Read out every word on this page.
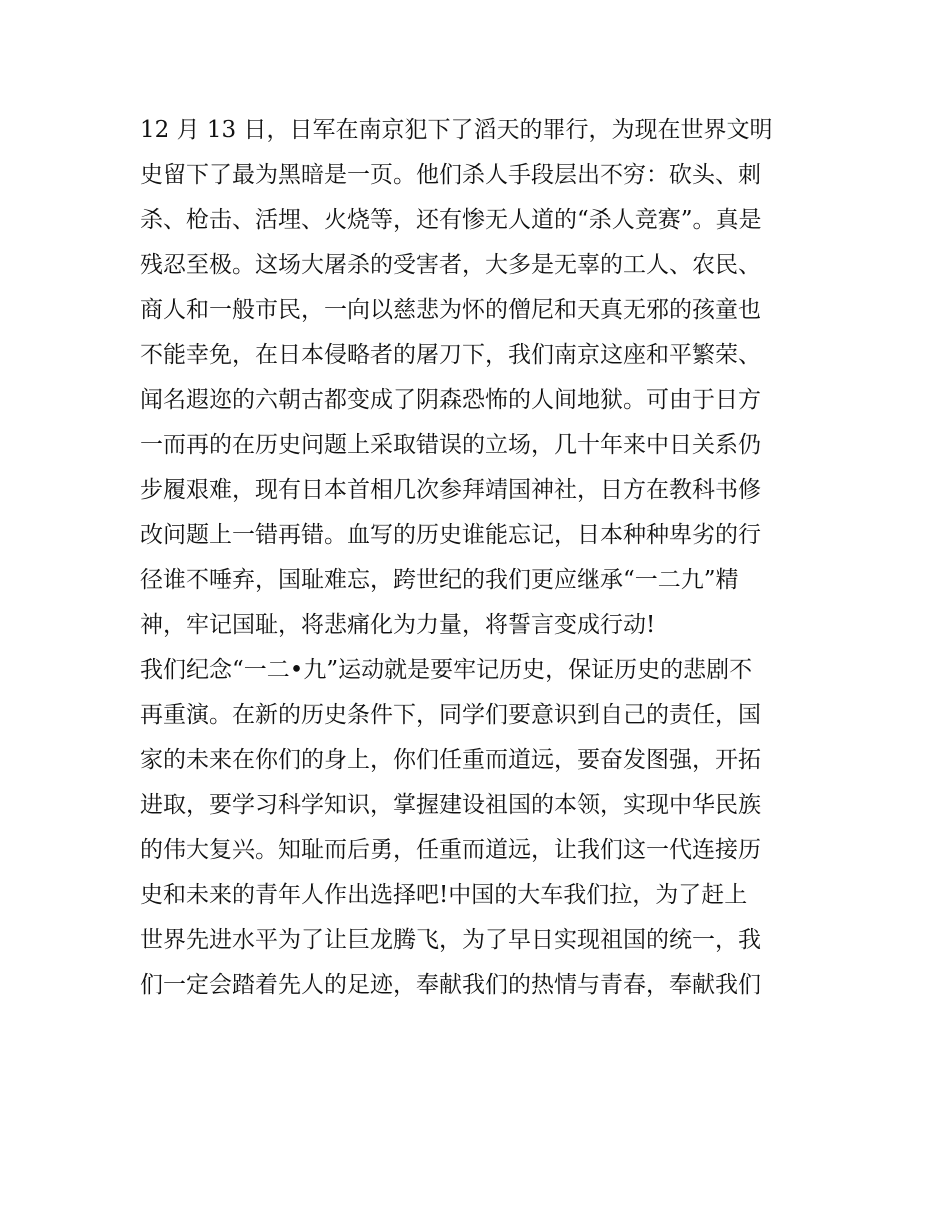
12 月 13 日，日军在南京犯下了滔天的罪行，为现在世界文明
史留下了最为黑暗是一页。他们杀人手段层出不穷：砍头、刺
杀、枪击、活埋、火烧等，还有惨无人道的“杀人竞赛”。真是
残忍至极。这场大屠杀的受害者，大多是无辜的工人、农民、
商人和一般市民，一向以慈悲为怀的僧尼和天真无邪的孩童也
不能幸免，在日本侵略者的屠刀下，我们南京这座和平繁荣、
闻名遐迩的六朝古都变成了阴森恐怖的人间地狱。可由于日方
一而再的在历史问题上采取错误的立场，几十年来中日关系仍
步履艰难，现有日本首相几次参拜靖国神社，日方在教科书修
改问题上一错再错。血写的历史谁能忘记，日本种种卑劣的行
径谁不唾弃，国耻难忘，跨世纪的我们更应继承“一二九”精
神，牢记国耻，将悲痛化为力量，将誓言变成行动!
我们纪念“一二•九”运动就是要牢记历史，保证历史的悲剧不
再重演。在新的历史条件下，同学们要意识到自己的责任，国
家的未来在你们的身上，你们任重而道远，要奋发图强，开拓
进取，要学习科学知识，掌握建设祖国的本领，实现中华民族
的伟大复兴。知耻而后勇，任重而道远，让我们这一代连接历
史和未来的青年人作出选择吧!中国的大车我们拉，为了赶上
世界先进水平为了让巨龙腾飞，为了早日实现祖国的统一，我
们一定会踏着先人的足迹，奉献我们的热情与青春，奉献我们
